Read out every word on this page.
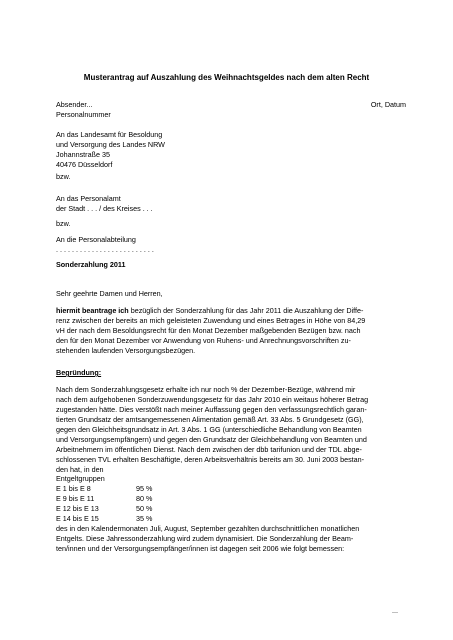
Musterantrag auf Auszahlung des Weihnachtsgeldes nach dem alten Recht
Absender...	Ort, Datum
Personalnummer
An das Landesamt für Besoldung
und Versorgung des Landes NRW
Johannstraße 35
40476 Düsseldorf
bzw.
An das Personalamt
der Stadt . . . / des Kreises . . .
bzw.
An die Personalabteilung
. . . . . . . . . . . . . . . . . . . . . . . . .
Sonderzahlung 2011
Sehr geehrte Damen und Herren,
hiermit beantrage ich bezüglich der Sonderzahlung für das Jahr 2011 die Auszahlung der Diffe-
renz zwischen der bereits an mich geleisteten Zuwendung und eines Betrages in Höhe von 84,29
vH der nach dem Besoldungsrecht für den Monat Dezember maßgebenden Bezügen bzw. nach
den für den Monat Dezember vor Anwendung von Ruhens- und Anrechnungsvorschriften zu-
stehenden laufenden Versorgungsbezügen.
Begründung:
Nach dem Sonderzahlungsgesetz erhalte ich nur noch % der Dezember-Bezüge, während mir
nach dem aufgehobenen Sonderzuwendungsgesetz für das Jahr 2010 ein weitaus höherer Betrag
zugestanden hätte. Dies verstößt nach meiner Auffassung gegen den verfassungsrechtlich garan-
tierten Grundsatz der amtsangemessenen Alimentation gemäß Art. 33 Abs. 5 Grundgesetz (GG),
gegen den Gleichheitsgrundsatz in Art. 3 Abs. 1 GG (unterschiedliche Behandlung von Beamten
und Versorgungsempfängern) und gegen den Grundsatz der Gleichbehandlung von Beamten und
Arbeitnehmern im öffentlichen Dienst. Nach dem zwischen der dbb tarifunion und der TDL abge-
schlossenen TVL erhalten Beschäftigte, deren Arbeitsverhältnis bereits am 30. Juni 2003 bestan-
den hat, in den
Entgeltgruppen
E 1 bis E 8	95 %
E 9 bis E 11	80 %
E 12 bis E 13	50 %
E 14 bis E 15	35 %
des in den Kalendermonaten Juli, August, September gezahlten durchschnittlichen monatlichen
Entgelts. Diese Jahressonderzahlung wird zudem dynamisiert. Die Sonderzahlung der Beam-
ten/innen und der Versorgungsempfänger/innen ist dagegen seit 2006 wie folgt bemessen:
...
